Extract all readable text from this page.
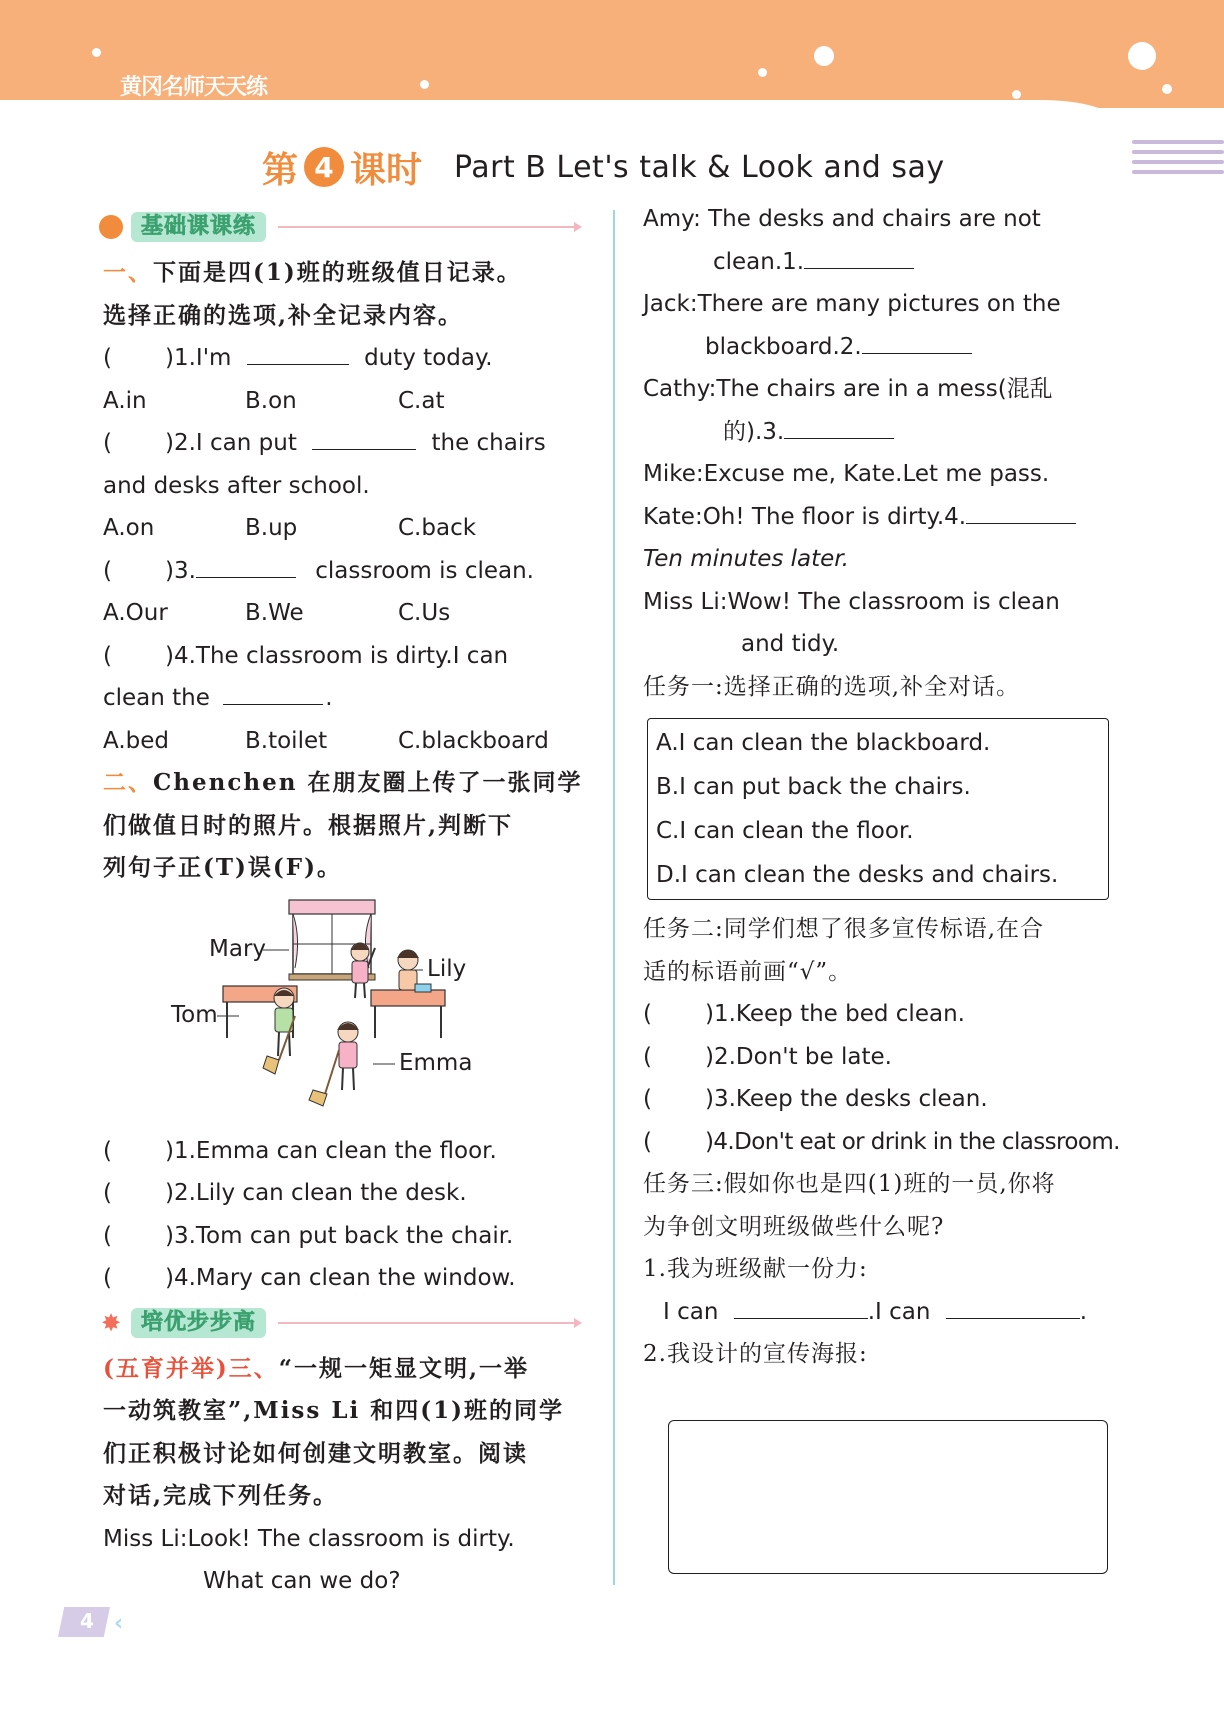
黄冈名师天天练
第 4 课时 Part B Let's talk & Look and say
基础课课练
一、下面是四(1)班的班级值日记录。
选择正确的选项,补全记录内容。
( )1.I'm	duty today.
A.in	B.on	C.at
( )2.I can put	the chairs
and desks after school.
A.on	B.up	C.back
( )3.	classroom is clean.
A.Our	B.We	C.Us
( )4.The classroom is dirty.I can
clean the	.
A.bed	B.toilet	C.blackboard
二、Chenchen 在朋友圈上传了一张同学
们做值日时的照片。根据照片,判断下
列句子正(T)误(F)。
Mary
Lily
Tom
Emma
( )1.Emma can clean the floor.
( )2.Lily can clean the desk.
( )3.Tom can put back the chair.
( )4.Mary can clean the window.
✸ 培优步步高
(五育并举)三、“一规一矩显文明,一举
一动筑教室”,Miss Li 和四(1)班的同学
们正积极讨论如何创建文明教室。阅读
对话,完成下列任务。
Miss Li:Look! The classroom is dirty.
What can we do?
Amy: The desks and chairs are not
clean.1.
Jack:There are many pictures on the
blackboard.2.
Cathy:The chairs are in a mess(混乱
的).3.
Mike:Excuse me, Kate.Let me pass.
Kate:Oh! The floor is dirty.4.
Ten minutes later.
Miss Li:Wow! The classroom is clean
and tidy.
任务一:选择正确的选项,补全对话。
A.I can clean the blackboard.
B.I can put back the chairs.
C.I can clean the floor.
D.I can clean the desks and chairs.
任务二:同学们想了很多宣传标语,在合
适的标语前画“√”。
( )1.Keep the bed clean.
( )2.Don't be late.
( )3.Keep the desks clean.
( )4.Don't eat or drink in the classroom.
任务三:假如你也是四(1)班的一员,你将
为争创文明班级做些什么呢?
1.我为班级献一份力:
I can	.I can	.
2.我设计的宣传海报:
4 ‹
